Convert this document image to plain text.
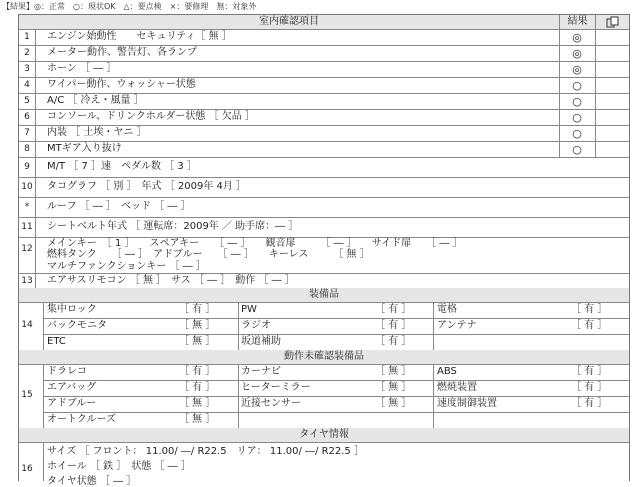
【結果】◎：正常　○：現状OK　△：要点検　×：要修理　無：対象外
室内確認項目	結果
1	エンジン始動性　　セキュリティ［ 無 ］	◎
2	メーター動作、警告灯、各ランプ	◎
3	ホーン ［ ― ］	◎
4	ワイパー動作、ウォッシャー状態	○
5	A/C ［ 冷え・風量 ］	○
6	コンソール、ドリンクホルダー状態 ［ 欠品 ］	○
7	内装 ［ 土埃・ヤニ ］	○
8	MTギア入り抜け	○
9	M/T ［ 7 ］速　ペダル数 ［ 3 ］
10 タコグラフ ［ 別 ］　年式 ［ 2009年 4月 ］
*	ルーフ ［ ― ］　ベッド ［ ― ］
11 シートベルト年式 ［ 運転席：2009年 ／ 助手席：― ］
12 メインキー　［ 1 ］　　スペアキー　　［ ― ］　　観音扉　　　［ ― ］　　サイド扉　　［ ― ］
燃料タンク　　［ ― ］　アドブルー　　［ ― ］　　キーレス　　　［ 無 ］
マルチファンクションキー ［ ― ］
13 エアサスリモコン ［ 無 ］　サス ［ ― ］　動作 ［ ― ］
装備品
14
集中ロック	［ 有 ］	PW	［ 有 ］	電格	［ 有 ］
バックモニタ	［ 無 ］	ラジオ	［ 有 ］	アンテナ	［ 有 ］
ETC	［ 無 ］	坂道補助	［ 有 ］
動作未確認装備品
15
ドラレコ	［ 有 ］	カーナビ	［ 無 ］	ABS	［ 有 ］
エアバッグ	［ 有 ］	ヒーターミラー	［ 無 ］	燃焼装置	［ 有 ］
アドブルー	［ 無 ］	近接センサー	［ 無 ］	速度制御装置	［ 有 ］
オートクルーズ	［ 無 ］
タイヤ情報
16
サイズ ［ フロント： 11.00/ ―/ R22.5　リア： 11.00/ ―/ R22.5 ］
ホイール ［ 鉄 ］　状態 ［ ― ］
タイヤ状態 ［ ― ］
